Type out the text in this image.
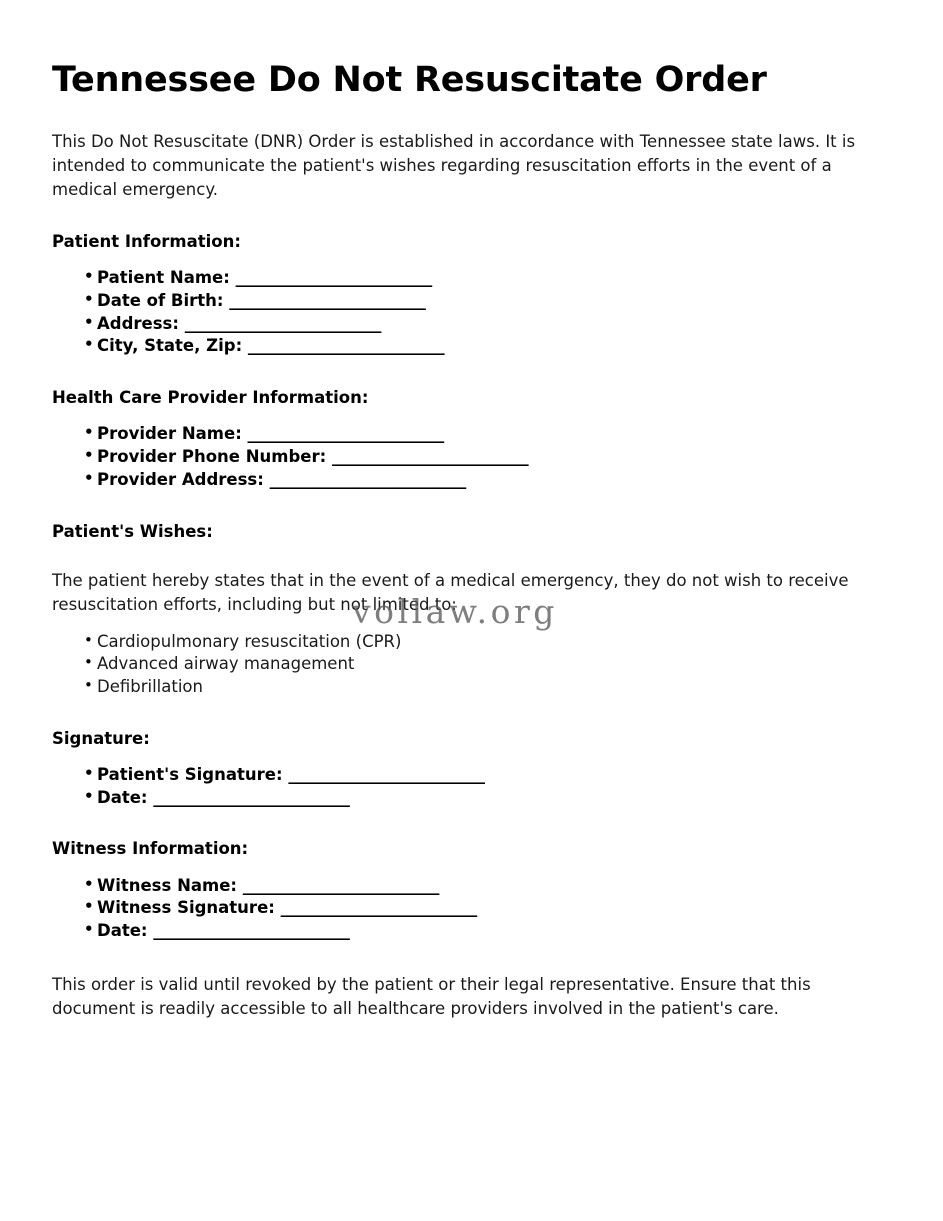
Tennessee Do Not Resuscitate Order

This Do Not Resuscitate (DNR) Order is established in accordance with Tennessee state laws. It is intended to communicate the patient's wishes regarding resuscitation efforts in the event of a medical emergency.

Patient Information:
• Patient Name: _________________________
• Date of Birth: _________________________
• Address: _________________________
• City, State, Zip: _________________________
Health Care Provider Information:
• Provider Name: _________________________
• Provider Phone Number: _________________________
• Provider Address: _________________________
Patient's Wishes:

The patient hereby states that in the event of a medical emergency, they do not wish to receive resuscitation efforts, including but not limited to:

• Cardiopulmonary resuscitation (CPR)
• Advanced airway management
• Defibrillation
Signature:
• Patient's Signature: _________________________
• Date: _________________________
Witness Information:
• Witness Name: _________________________
• Witness Signature: _________________________
• Date: _________________________

This order is valid until revoked by the patient or their legal representative. Ensure that this document is readily accessible to all healthcare providers involved in the patient's care.

vollaw.org
